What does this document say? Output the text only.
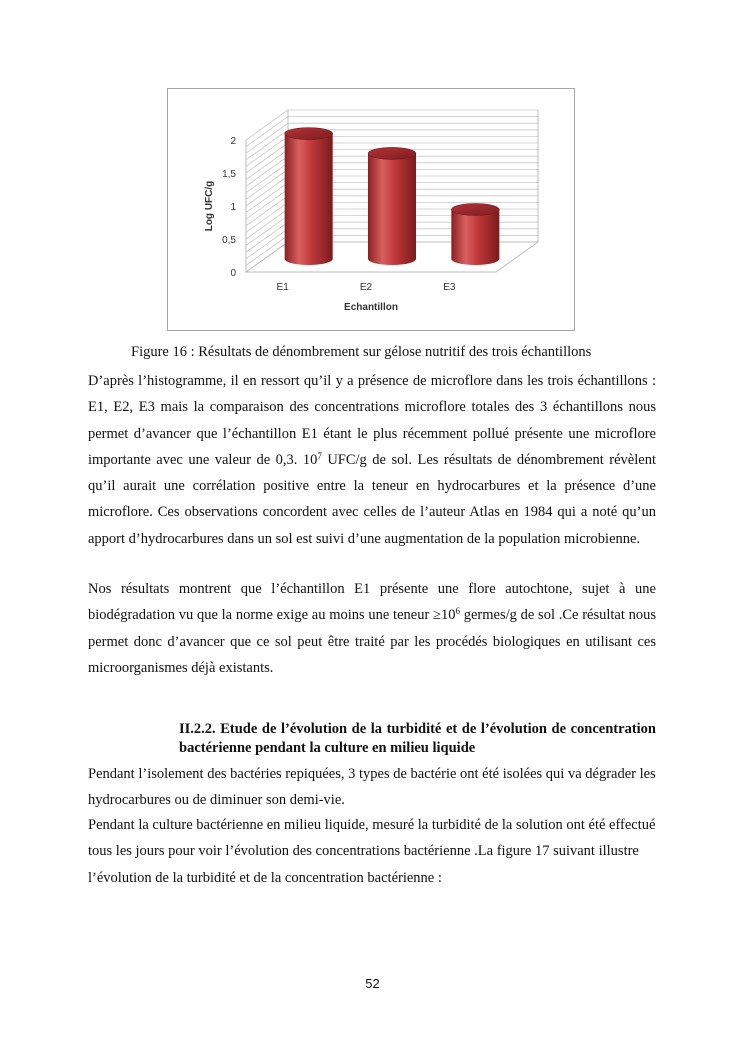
0
0,5
1
1,5
2
Log UFC/g
E1	E2	E3
Echantillon
Figure 16 : Résultats de dénombrement sur gélose nutritif des trois échantillons

D’après l’histogramme, il en ressort qu’il y a présence de microflore dans les trois échantillons : E1, E2, E3 mais la comparaison des concentrations microflore totales des 3 échantillons nous permet d’avancer que l’échantillon E1 étant le plus récemment pollué présente une microflore importante avec une valeur de 0,3. $10^7$ UFC/g de sol. Les résultats de dénombrement révèlent qu’il aurait une corrélation positive entre la teneur en hydrocarbures et la présence d’une microflore. Ces observations concordent avec celles de l’auteur Atlas en 1984 qui a noté qu’un apport d’hydrocarbures dans un sol est suivi d’une augmentation de la population microbienne.

Nos résultats montrent que l’échantillon E1 présente une flore autochtone, sujet à une biodégradation vu que la norme exige au moins une teneur $\ge 10^6$ germes/g de sol .Ce résultat nous permet donc d’avancer que ce sol peut être traité par les procédés biologiques en utilisant ces microorganismes déjà existants.

II.2.2. Etude de l’évolution de la turbidité et de l’évolution de concentration bactérienne pendant la culture en milieu liquide

Pendant l’isolement des bactéries repiquées, 3 types de bactérie ont été isolées qui va dégrader les hydrocarbures ou de diminuer son demi-vie.

Pendant la culture bactérienne en milieu liquide, mesuré la turbidité de la solution ont été effectué tous les jours pour voir l’évolution des concentrations bactérienne .La figure 17 suivant illustre l’évolution de la turbidité et de la concentration bactérienne :

52
